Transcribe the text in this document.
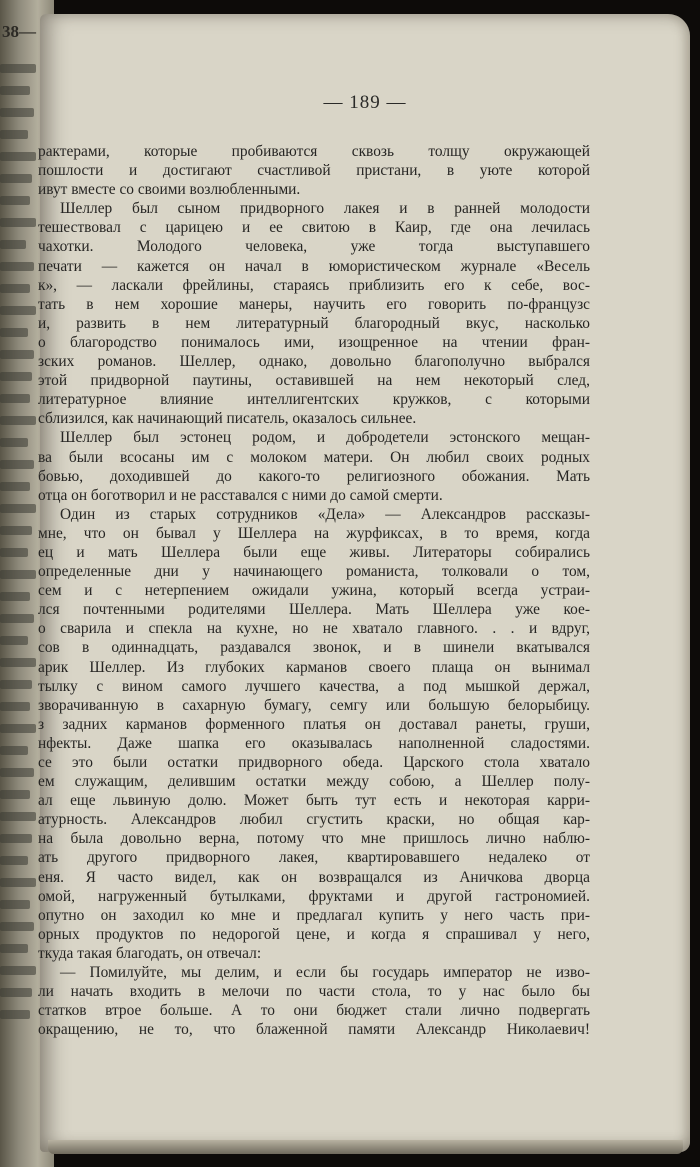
38—
— 189 —
рактерами, которые пробиваются сквозь толщу окружающей
пошлости и достигают счастливой пристани, в уюте которой
ивут вместе со своими возлюбленными.
Шеллер был сыном придворного лакея и в ранней молодости
тешествовал с царицею и ее свитою в Каир, где она лечилась
чахотки. Молодого человека, уже тогда выступавшего
печати — кажется он начал в юмористическом журнале «Весель
к», — ласкали фрейлины, стараясь приблизить его к себе, вос-
тать в нем хорошие манеры, научить его говорить по-французс
и, развить в нем литературный благородный вкус, насколько
о благородство понималось ими, изощренное на чтении фран-
зских романов. Шеллер, однако, довольно благополучно выбрался
этой придворной паутины, оставившей на нем некоторый след,
литературное влияние интеллигентских кружков, с которыми
сблизился, как начинающий писатель, оказалось сильнее.
Шеллер был эстонец родом, и добродетели эстонского мещан-
ва были всосаны им с молоком матери. Он любил своих родных
бовью, доходившей до какого-то религиозного обожания. Мать
отца он боготворил и не расставался с ними до самой смерти.
Один из старых сотрудников «Дела» — Александров рассказы-
мне, что он бывал у Шеллера на журфиксах, в то время, когда
ец и мать Шеллера были еще живы. Литераторы собирались
определенные дни у начинающего романиста, толковали о том,
сем и с нетерпением ожидали ужина, который всегда устраи-
лся почтенными родителями Шеллера. Мать Шеллера уже кое-
о сварила и спекла на кухне, но не хватало главного. . . и вдруг,
сов в одиннадцать, раздавался звонок, и в шинели вкатывался
арик Шеллер. Из глубоких карманов своего плаща он вынимал
тылку с вином самого лучшего качества, а под мышкой держал,
зворачиванную в сахарную бумагу, семгу или большую белорыбицу.
з задних карманов форменного платья он доставал ранеты, груши,
нфекты. Даже шапка его оказывалась наполненной сладостями.
се это были остатки придворного обеда. Царского стола хватало
ем служащим, делившим остатки между собою, а Шеллер полу-
ал еще львиную долю. Может быть тут есть и некоторая карри-
атурность. Александров любил сгустить краски, но общая кар-
на была довольно верна, потому что мне пришлось лично наблю-
ать другого придворного лакея, квартировавшего недалеко от
еня. Я часто видел, как он возвращался из Аничкова дворца
омой, нагруженный бутылками, фруктами и другой гастрономией.
опутно он заходил ко мне и предлагал купить у него часть при-
орных продуктов по недорогой цене, и когда я спрашивал у него,
ткуда такая благодать, он отвечал:
— Помилуйте, мы делим, и если бы государь император не изво-
ли начать входить в мелочи по части стола, то у нас было бы
статков втрое больше. А то они бюджет стали лично подвергать
окращению, не то, что блаженной памяти Александр Николаевич!
